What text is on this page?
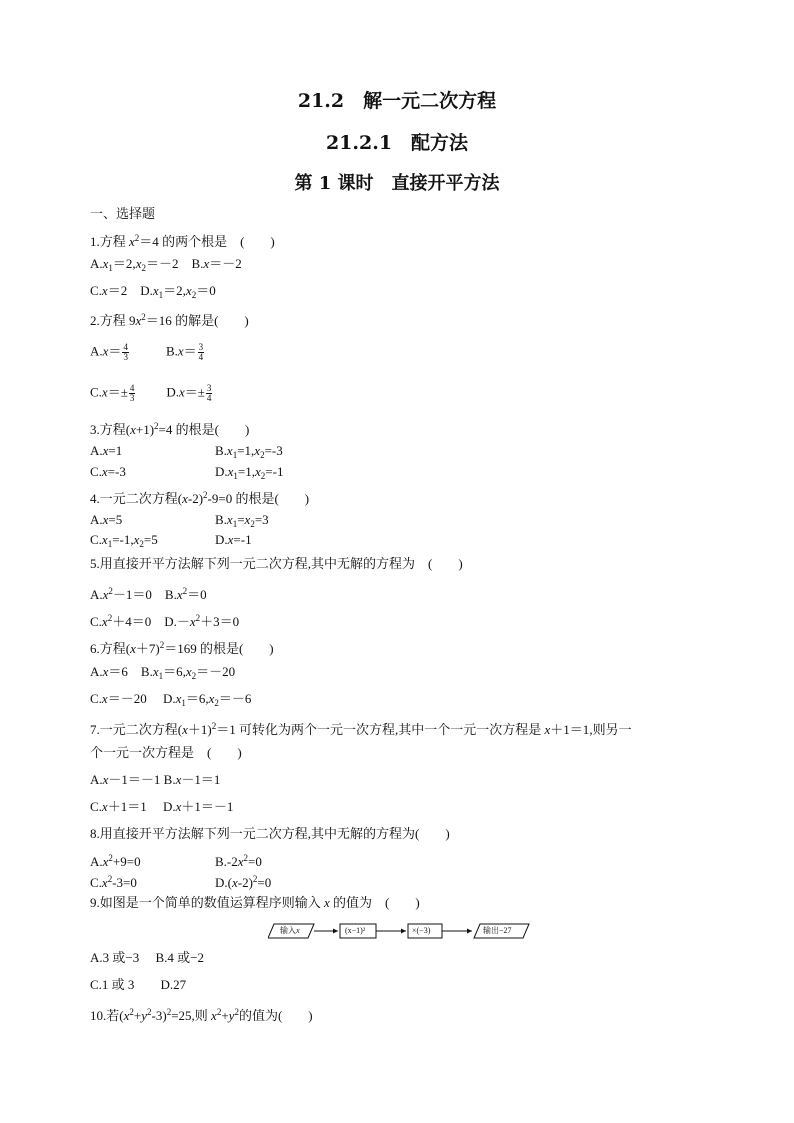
21.2　解一元二次方程
21.2.1　配方法
第 1 课时　直接开平方法
一、选择题
1.方程 $x^2=4$ 的两个根是　(　　)
$A.x_1=2,x_2=-2$　B.x＝－2
C.x＝2　$D.x_1=2,x_2=0$
2.方程 $9x^2=16$ 的解是(　　)
$A.x= \frac{4}{3}$	$B.x= \frac{3}{4}$
$C.x=\pm \frac{4}{3} D.x=\pm \frac{3}{4}$
3.方程$(x+1)^2=4$ 的根是(　　)
A.x=1	$B.x_1=1,x_2=-3$
C.x=-3	$D.x_1=1,x_2=-1$
4.一元二次方程$(x-2)^2-9=0$ 的根是(　　)
A.x=5	$B.x_1=x_2=3$
$C.x_1=-1,x_2=5$	D.x=-1
5.用直接开平方法解下列一元二次方程,其中无解的方程为　(　　)
$A.x^2-1=0$　$B.x^2=0$
$C.x^2+4=0$　$D.-x^2+3=0$
6.方程$(x+7)^2=169$ 的根是(　　)
A.x＝6　$B.x_1=6,x_2=-20$
C.x＝－20　 $D.x_1=6,x_2=-6$
7.一元二次方程$(x+1)^2=1$ 可转化为两个一元一次方程,其中一个一元一次方程是 x＋1＝1,则另一
个一元一次方程是　(　　)
A.x－1＝－1 B.x－1＝1
C.x＋1＝1　 D.x＋1＝－1
8.用直接开平方法解下列一元二次方程,其中无解的方程为(　　)
$A.x^2+9=0$	$B.-2x^2=0$
$C.x^2-3=0$	$D.(x-2)^2=0$
9.如图是一个简单的数值运算程序则输入 x 的值为　(　　)
输入x	(x−1)²	×(−3)	输出−27
A.3 或−3　 B.4 或−2
C.1 或 3　　 D.27
10.若$(x^2+y^2-3)^2=25$,则 $x^2+y^2$的值为(　　)
